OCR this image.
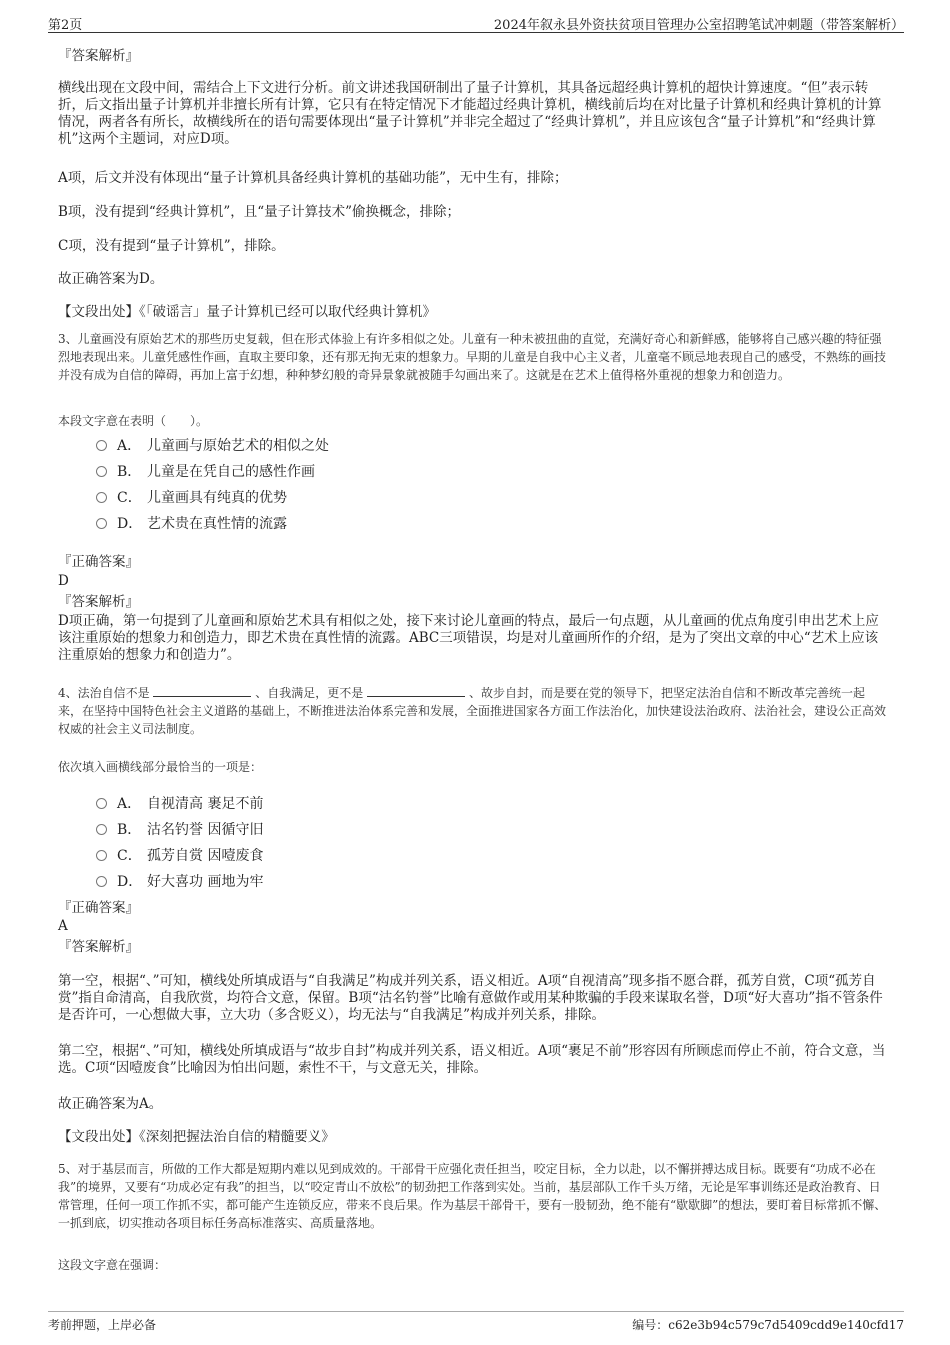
第2页	2024年叙永县外资扶贫项目管理办公室招聘笔试冲刺题（带答案解析）

『答案解析』

横线出现在文段中间，需结合上下文进行分析。前文讲述我国研制出了量子计算机，其具备远超经典计算机的超快计算速度。“但”表示转折，后文指出量子计算机并非擅长所有计算，它只有在特定情况下才能超过经典计算机，横线前后均在对比量子计算机和经典计算机的计算情况，两者各有所长，故横线所在的语句需要体现出“量子计算机”并非完全超过了“经典计算机”，并且应该包含“量子计算机”和“经典计算机”这两个主题词，对应D项。

A项，后文并没有体现出“量子计算机具备经典计算机的基础功能”，无中生有，排除；

B项，没有提到“经典计算机”，且“量子计算技术”偷换概念，排除；

C项，没有提到“量子计算机”，排除。

故正确答案为D。

【文段出处】《「破谣言」量子计算机已经可以取代经典计算机》

3、儿童画没有原始艺术的那些历史复载，但在形式体验上有许多相似之处。儿童有一种未被扭曲的直觉，充满好奇心和新鲜感，能够将自己感兴趣的特征强烈地表现出来。儿童凭感性作画，直取主要印象，还有那无拘无束的想象力。早期的儿童是自我中心主义者，儿童毫不顾忌地表现自己的感受，不熟练的画技并没有成为自信的障碍，再加上富于幻想，种种梦幻般的奇异景象就被随手勾画出来了。这就是在艺术上值得格外重视的想象力和创造力。

本段文字意在表明（　　）。

A． 儿童画与原始艺术的相似之处
B． 儿童是在凭自己的感性作画
C． 儿童画具有纯真的优势
D． 艺术贵在真性情的流露

『正确答案』

D

『答案解析』

D项正确，第一句提到了儿童画和原始艺术具有相似之处，接下来讨论儿童画的特点，最后一句点题，从儿童画的优点角度引申出艺术上应该注重原始的想象力和创造力，即艺术贵在真性情的流露。ABC三项错误，均是对儿童画所作的介绍，是为了突出文章的中心“艺术上应该注重原始的想象力和创造力”。

4、法治自信不是	、自我满足，更不是	、故步自封，而是要在党的领导下，把坚定法治自信和不断改革完善统一起来，在坚持中国特色社会主义道路的基础上，不断推进法治体系完善和发展，全面推进国家各方面工作法治化，加快建设法治政府、法治社会，建设公正高效权威的社会主义司法制度。

依次填入画横线部分最恰当的一项是：

A． 自视清高 裹足不前
B． 沽名钓誉 因循守旧
C． 孤芳自赏 因噎废食
D． 好大喜功 画地为牢

『正确答案』

A

『答案解析』

第一空，根据“、”可知，横线处所填成语与“自我满足”构成并列关系，语义相近。A项“自视清高”现多指不愿合群，孤芳自赏，C项“孤芳自赏”指自命清高，自我欣赏，均符合文意，保留。B项“沽名钓誉”比喻有意做作或用某种欺骗的手段来谋取名誉，D项“好大喜功”指不管条件是否许可，一心想做大事，立大功（多含贬义），均无法与“自我满足”构成并列关系，排除。

第二空，根据“、”可知，横线处所填成语与“故步自封”构成并列关系，语义相近。A项“裹足不前”形容因有所顾虑而停止不前，符合文意，当选。C项“因噎废食”比喻因为怕出问题，索性不干，与文意无关，排除。

故正确答案为A。

【文段出处】《深刻把握法治自信的精髓要义》

5、对于基层而言，所做的工作大都是短期内难以见到成效的。干部骨干应强化责任担当，咬定目标，全力以赴，以不懈拼搏达成目标。既要有“功成不必在我”的境界，又要有“功成必定有我”的担当，以“咬定青山不放松”的韧劲把工作落到实处。当前，基层部队工作千头万绪，无论是军事训练还是政治教育、日常管理，任何一项工作抓不实，都可能产生连锁反应，带来不良后果。作为基层干部骨干，要有一股韧劲，绝不能有“歇歇脚”的想法，要盯着目标常抓不懈、一抓到底，切实推动各项目标任务高标准落实、高质量落地。

这段文字意在强调：

考前押题，上岸必备	编号：c62e3b94c579c7d5409cdd9e140cfd17
